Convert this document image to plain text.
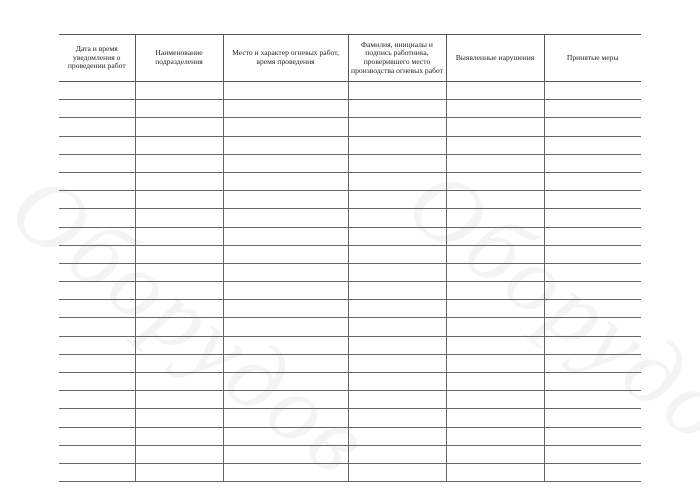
Дата и время уведомления о проведении работ	Наименование подразделения	Место и характер огневых работ, время проведения	Фамилия, инициалы и подпись работника, проверившего место производства огневых работ	Выявленные нарушения	Принятые меры
